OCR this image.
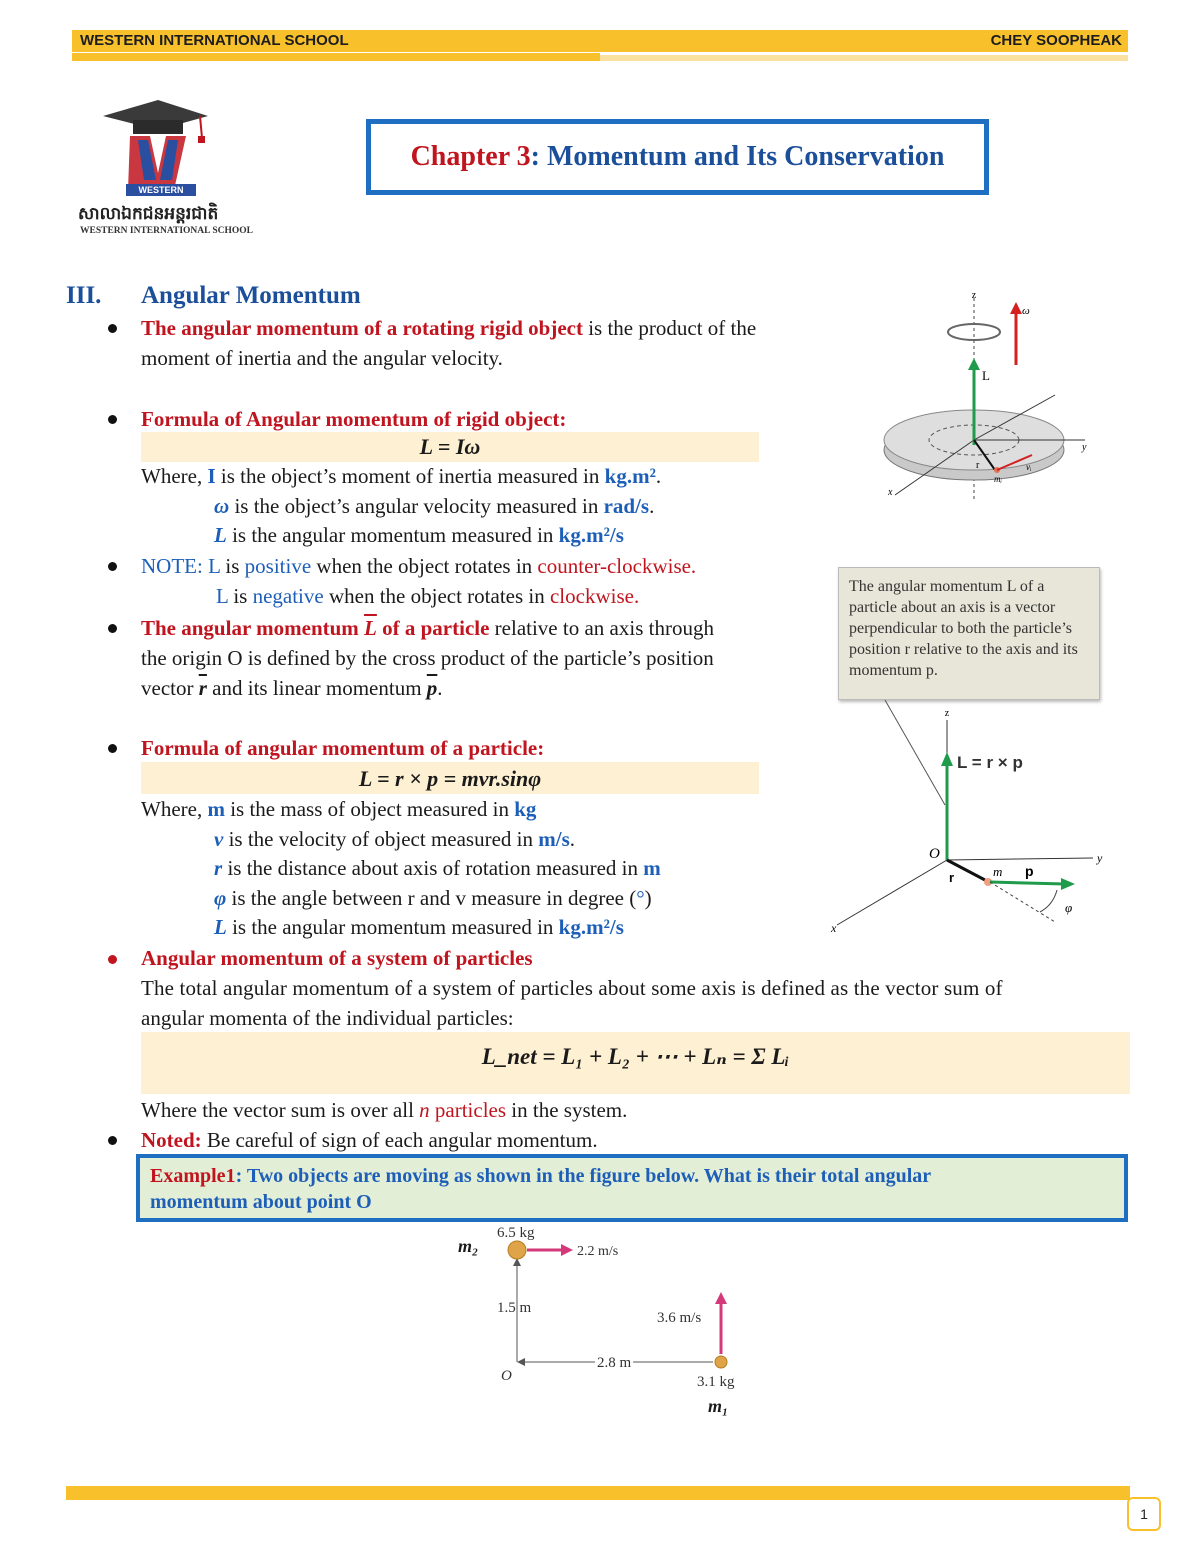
WESTERN INTERNATIONAL SCHOOL	CHEY SOOPHEAK
WESTERN
សាលាឯកជនអន្តរជាតិ
WESTERN INTERNATIONAL SCHOOL
Chapter 3 : Momentum and Its Conservation
III. Angular Momentum
The angular momentum of a rotating rigid object is the product of the
moment of inertia and the angular velocity.
Formula of Angular momentum of rigid object:
L = Iω
Where, I is the object’s moment of inertia measured in kg.m².
ω is the object’s angular velocity measured in rad/s.
L is the angular momentum measured in kg.m²/s
NOTE: L is positive when the object rotates in counter-clockwise.
L is negative when the object rotates in clockwise.
The angular momentum $\overline{L}$ of a particle relative to an axis through
the origin O is defined by the cross product of the particle’s position
vector $\overline{r}$ and its linear momentum $\overline{p}$.
Formula of angular momentum of a particle:
L = r × p = mvr.sinφ
Where, m is the mass of object measured in kg
v is the velocity of object measured in m/s.
r is the distance about axis of rotation measured in m
φ is the angle between r and v measure in degree (°)
L is the angular momentum measured in kg.m²/s
Angular momentum of a system of particles
The total angular momentum of a system of particles about some axis is defined as the vector sum of
angular momenta of the individual particles:
L_net = L₁ + L₂ + ⋯ + Lₙ = Σ Lᵢ
Where the vector sum is over all n particles in the system.
Noted: Be careful of sign of each angular momentum.
Example1: Two objects are moving as shown in the figure below. What is their total angular
momentum about point O
z
ω
L
y
x
r
mᵢ
vᵢ
The angular momentum L of a particle about an axis is a vector perpendicular to both the particle’s position r relative to the axis and its momentum p.
z
L = r × p
O	y
x
r	m p
φ
6.5 kg
2.2 m/s
1.5 m
3.6 m/s
2.8 m
O	3.1 kg
m₂
m₁
1
